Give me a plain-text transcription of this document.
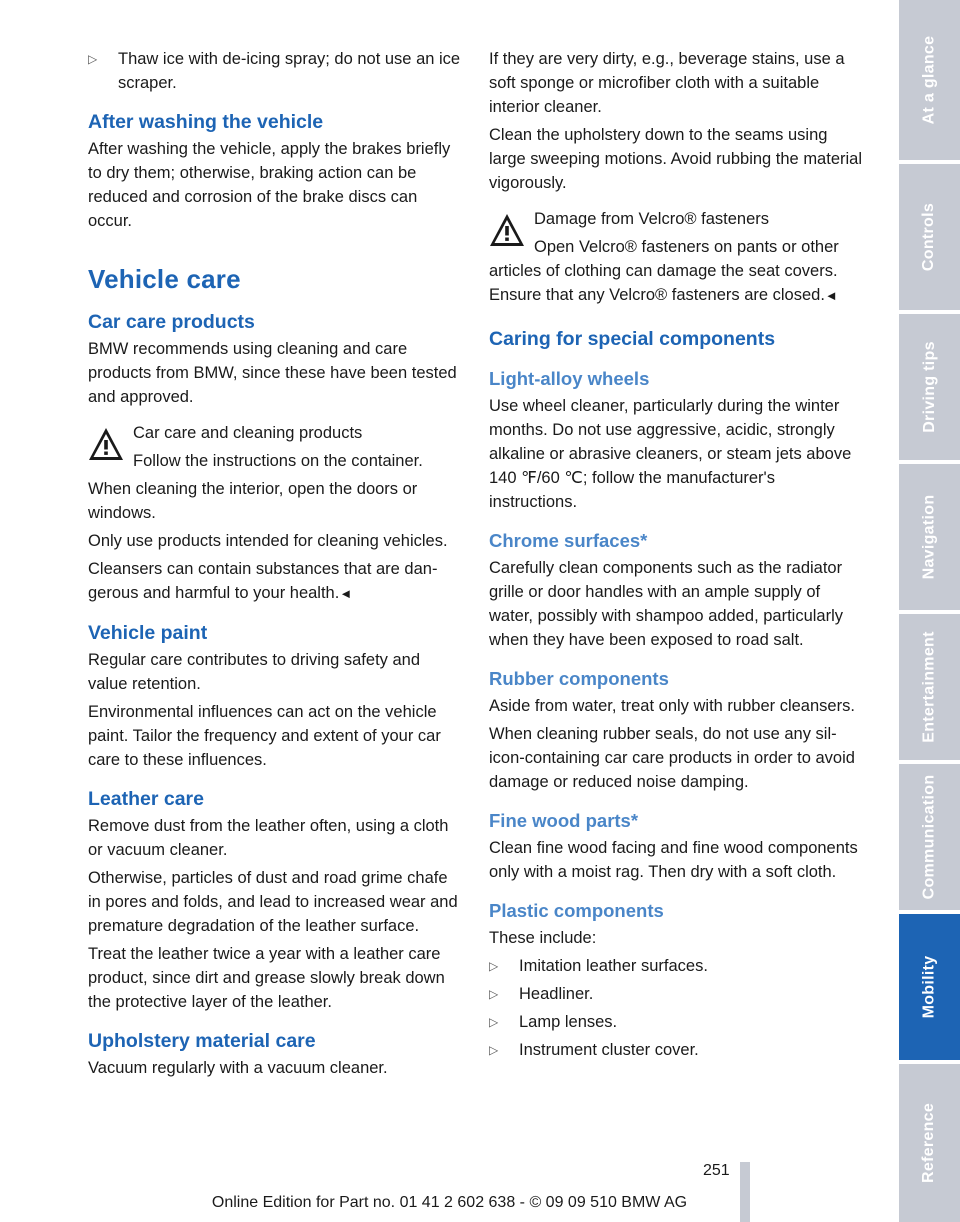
▷ Thaw ice with de-icing spray; do not use an ice scraper.
After washing the vehicle

After washing the vehicle, apply the brakes briefly to dry them; otherwise, braking action can be reduced and corrosion of the brake discs can occur.

Vehicle care
Car care products

BMW recommends using cleaning and care products from BMW, since these have been tested and approved.

Car care and cleaning products
Follow the instructions on the container.

When cleaning the interior, open the doors or windows.

Only use products intended for cleaning vehicles.

Cleansers can contain substances that are dangerous and harmful to your health.◄

Vehicle paint

Regular care contributes to driving safety and value retention.

Environmental influences can act on the vehicle paint. Tailor the frequency and extent of your car care to these influences.

Leather care

Remove dust from the leather often, using a cloth or vacuum cleaner.

Otherwise, particles of dust and road grime chafe in pores and folds, and lead to increased wear and premature degradation of the leather surface.

Treat the leather twice a year with a leather care product, since dirt and grease slowly break down the protective layer of the leather.

Upholstery material care

Vacuum regularly with a vacuum cleaner.

If they are very dirty, e.g., beverage stains, use a soft sponge or microfiber cloth with a suitable interior cleaner.

Clean the upholstery down to the seams using large sweeping motions. Avoid rubbing the material vigorously.

Damage from Velcro® fasteners
Open Velcro® fasteners on pants or other articles of clothing can damage the seat covers. Ensure that any Velcro® fasteners are closed.◄
Caring for special components
Light-alloy wheels

Use wheel cleaner, particularly during the winter months. Do not use aggressive, acidic, strongly alkaline or abrasive cleaners, or steam jets above 140 ℉/60 ℃; follow the manufacturer's instructions.

Chrome surfaces*

Carefully clean components such as the radiator grille or door handles with an ample supply of water, possibly with shampoo added, particularly when they have been exposed to road salt.

Rubber components

Aside from water, treat only with rubber cleansers.

When cleaning rubber seals, do not use any silicon-containing car care products in order to avoid damage or reduced noise damping.

Fine wood parts*

Clean fine wood facing and fine wood components only with a moist rag. Then dry with a soft cloth.

Plastic components

These include:

▷ Imitation leather surfaces.
▷ Headliner.
▷ Lamp lenses.
▷ Instrument cluster cover.
At a glance
Controls
Driving tips
Navigation
Entertainment
Communication
Mobility
Reference
251
Online Edition for Part no. 01 41 2 602 638 - © 09 09 510 BMW AG
